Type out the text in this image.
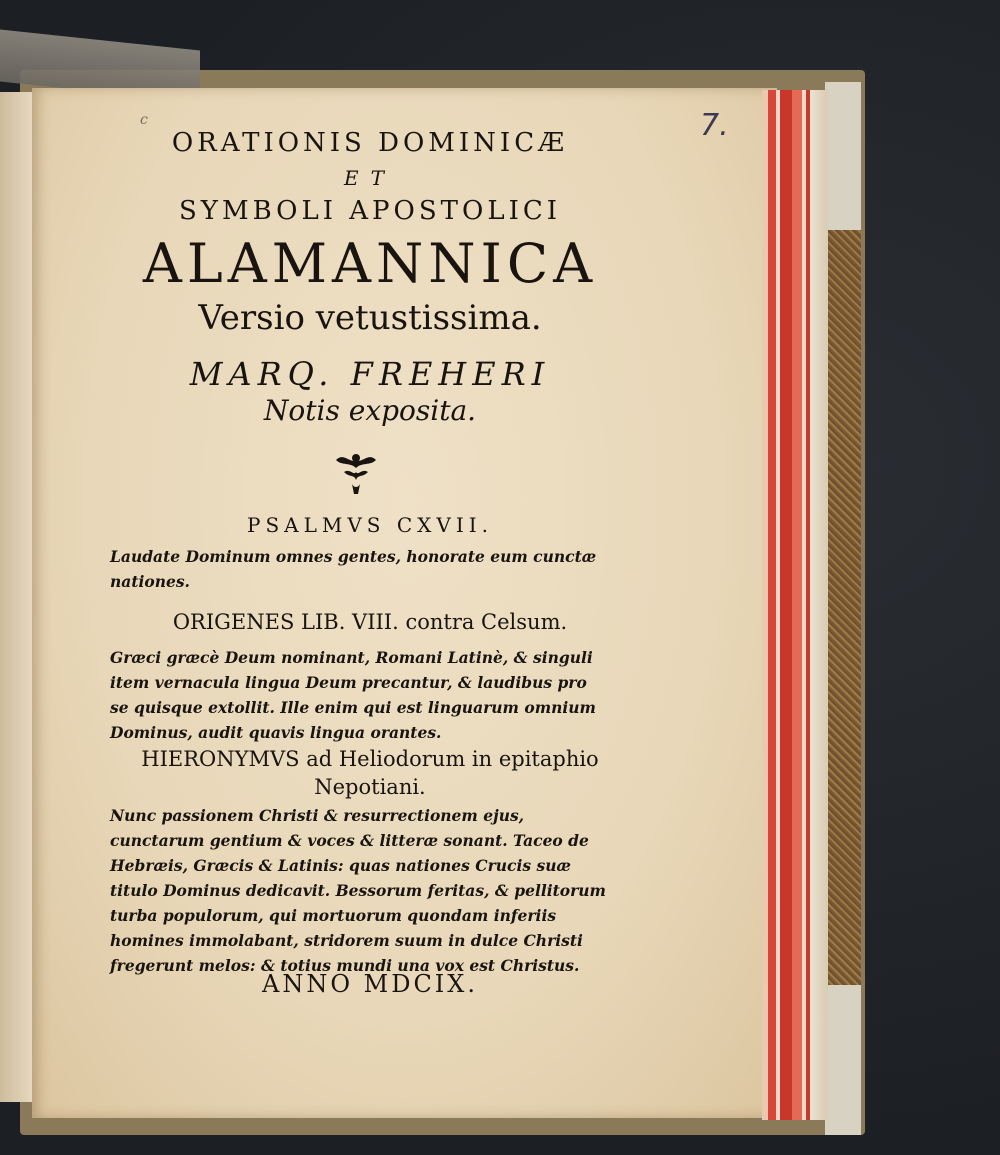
c	7.
ORATIONIS DOMINICÆ
ET
SYMBOLI APOSTOLICI
ALAMANNICA
Versio vetustissima.
MARQ. FREHERI
Notis exposita.
PSALMVS CXVII.
Laudate Dominum omnes gentes, honorate eum cunctæ nationes.
ORIGENES LIB. VIII. contra Celsum.
Græci græcè Deum nominant, Romani Latinè, & singuli item vernacula lingua Deum precantur, & laudibus pro se quisque extollit. Ille enim qui est linguarum omnium Dominus, audit quavis lingua orantes.
HIERONYMVS ad Heliodorum in epitaphio Nepotiani.
Nunc passionem Christi & resurrectionem ejus, cunctarum gentium & voces & litteræ sonant. Taceo de Hebræis, Græcis & Latinis: quas nationes Crucis suæ titulo Dominus dedicavit. Bessorum feritas, & pellitorum turba populorum, qui mortuorum quondam inferiis homines immolabant, stridorem suum in dulce Christi fregerunt melos: & totius mundi una vox est Christus.
ANNO MDCIX.
